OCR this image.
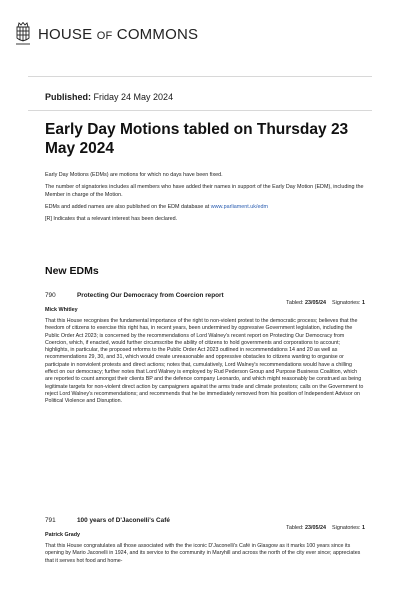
HOUSE OF COMMONS
Published: Friday 24 May 2024
Early Day Motions tabled on Thursday 23 May 2024

Early Day Motions (EDMs) are motions for which no days have been fixed.

The number of signatories includes all members who have added their names in support of the Early Day Motion (EDM), including the Member in charge of the Motion.

EDMs and added names are also published on the EDM database at www.parliament.uk/edm

[R] Indicates that a relevant interest has been declared.

New EDMs
790	Protecting Our Democracy from Coercion report
Mick Whitley
Tabled: 23/05/24 Signatories: 1
That this House recognises the fundamental importance of the right to non-violent protest to the democratic process; believes that the freedom of citizens to exercise this right has, in recent years, been undermined by oppressive Government legislation, including the Public Order Act 2023; is concerned by the recommendations of Lord Walney's recent report on Protecting Our Democracy from Coercion, which, if enacted, would further circumscribe the ability of citizens to hold governments and corporations to account; highlights, in particular, the proposed reforms to the Public Order Act 2023 outlined in recommendations 14 and 20 as well as recommendations 29, 30, and 31, which would create unreasonable and oppressive obstacles to citizens wanting to organise or participate in nonviolent protests and direct actions; notes that, cumulatively, Lord Walney's recommendations would have a chilling effect on our democracy; further notes that Lord Walney is employed by Rud Pederson Group and Purpose Business Coalition, which are reported to count amongst their clients BP and the defence company Leonardo, and which might reasonably be construed as being legitimate targets for non-violent direct action by campaigners against the arms trade and climate protestors; calls on the Government to reject Lord Walney's recommendations; and recommends that he be immediately removed from his position of Independent Advisor on Political Violence and Disruption.
791	100 years of D'Jaconelli's Café
Patrick Grady
Tabled: 23/05/24 Signatories: 1
That this House congratulates all those associated with the the iconic D'Jaconelli's Café in Glasgow as it marks 100 years since its opening by Mario Jaconelli in 1924, and its service to the community in Maryhill and across the north of the city ever since; appreciates that it serves hot food and home-
